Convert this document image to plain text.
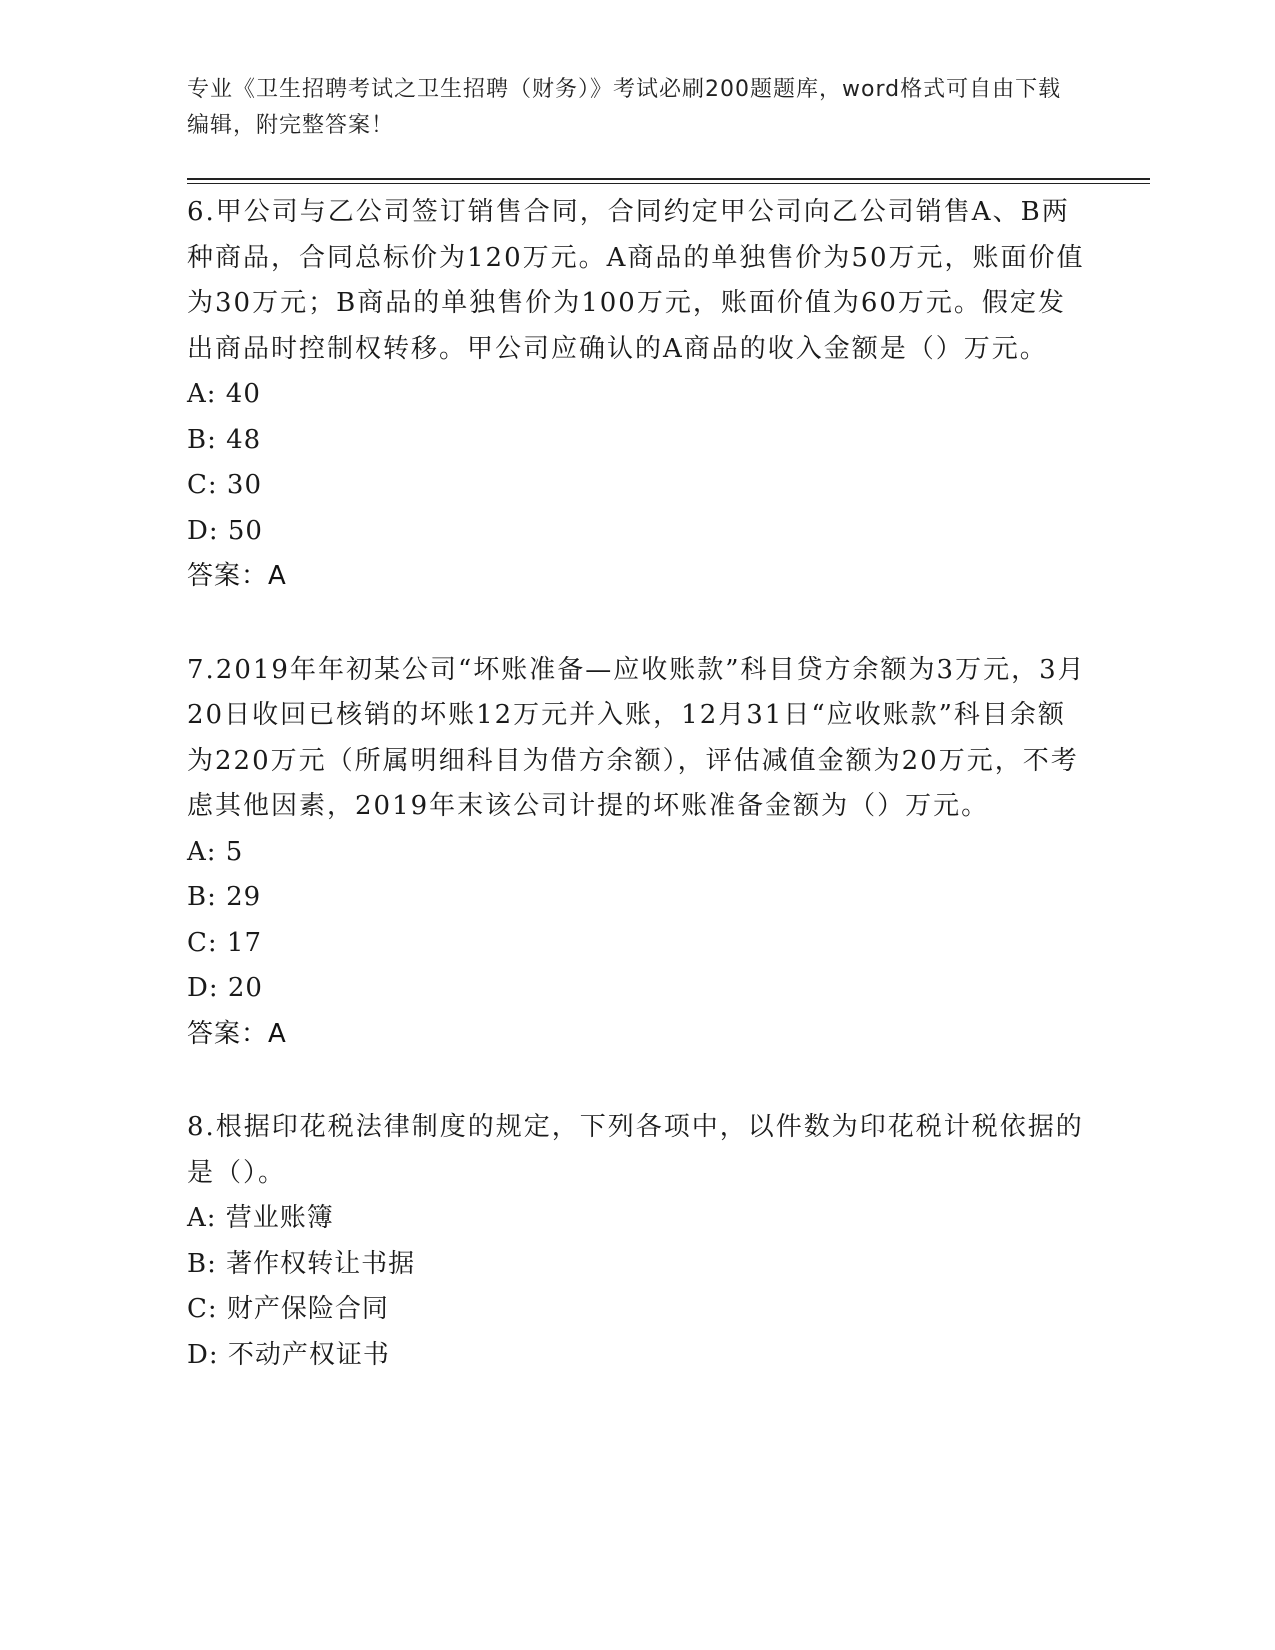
专业《卫生招聘考试之卫生招聘（财务）》考试必刷200题题库，word格式可自由下载编辑，附完整答案！

6.甲公司与乙公司签订销售合同，合同约定甲公司向乙公司销售A、B两种商品，合同总标价为120万元。A商品的单独售价为50万元，账面价值为30万元；B商品的单独售价为100万元，账面价值为60万元。假定发出商品时控制权转移。甲公司应确认的A商品的收入金额是（）万元。

A: 40

B: 48

C: 30

D: 50

答案：A

7.2019年年初某公司“坏账准备—应收账款”科目贷方余额为3万元，3月20日收回已核销的坏账12万元并入账，12月31日“应收账款”科目余额为220万元（所属明细科目为借方余额），评估减值金额为20万元，不考虑其他因素，2019年末该公司计提的坏账准备金额为（）万元。

A: 5

B: 29

C: 17

D: 20

答案：A

8.根据印花税法律制度的规定，下列各项中，以件数为印花税计税依据的是（）。

A: 营业账簿

B: 著作权转让书据

C: 财产保险合同

D: 不动产权证书
